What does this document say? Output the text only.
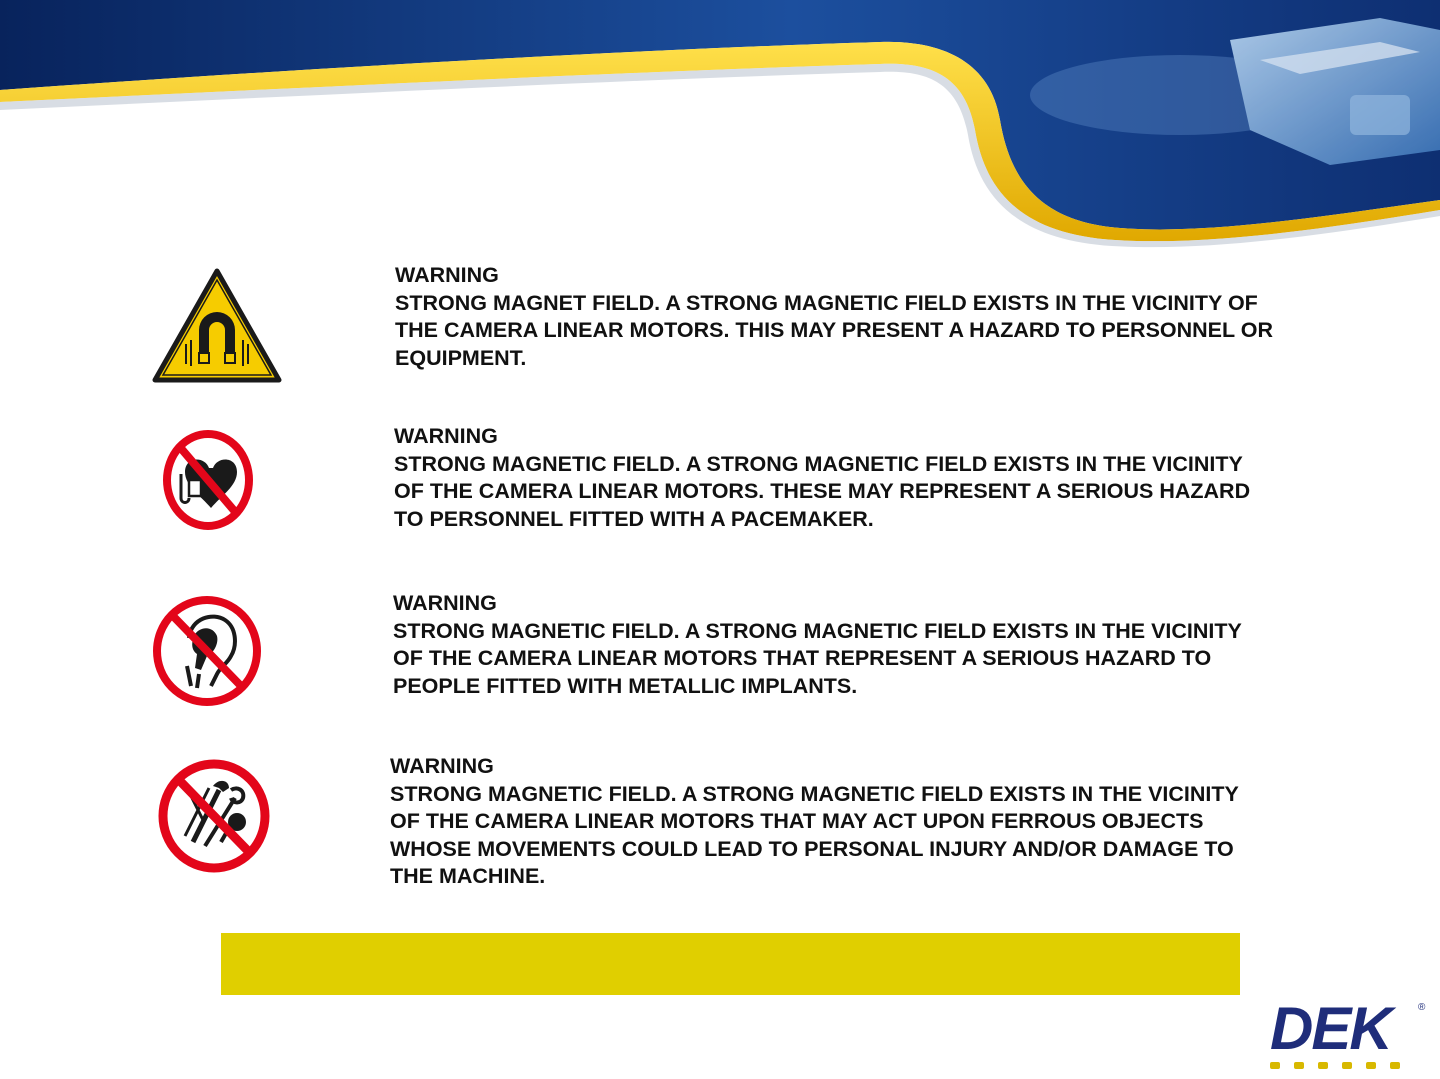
WARNING
STRONG MAGNET FIELD. A STRONG MAGNETIC FIELD EXISTS IN THE VICINITY OF THE CAMERA LINEAR MOTORS. THIS MAY PRESENT A HAZARD TO PERSONNEL OR EQUIPMENT.
WARNING
STRONG MAGNETIC FIELD. A STRONG MAGNETIC FIELD EXISTS IN THE VICINITY OF THE CAMERA LINEAR MOTORS. THESE MAY REPRESENT A SERIOUS HAZARD TO PERSONNEL FITTED WITH A PACEMAKER.
WARNING
STRONG MAGNETIC FIELD. A STRONG MAGNETIC FIELD EXISTS IN THE VICINITY OF THE CAMERA LINEAR MOTORS THAT REPRESENT A SERIOUS HAZARD TO PEOPLE FITTED WITH METALLIC IMPLANTS.
WARNING
STRONG MAGNETIC FIELD. A STRONG MAGNETIC FIELD EXISTS IN THE VICINITY OF THE CAMERA LINEAR MOTORS THAT MAY ACT UPON FERROUS OBJECTS WHOSE MOVEMENTS COULD LEAD TO PERSONAL INJURY AND/OR DAMAGE TO THE MACHINE.
DEK	®
